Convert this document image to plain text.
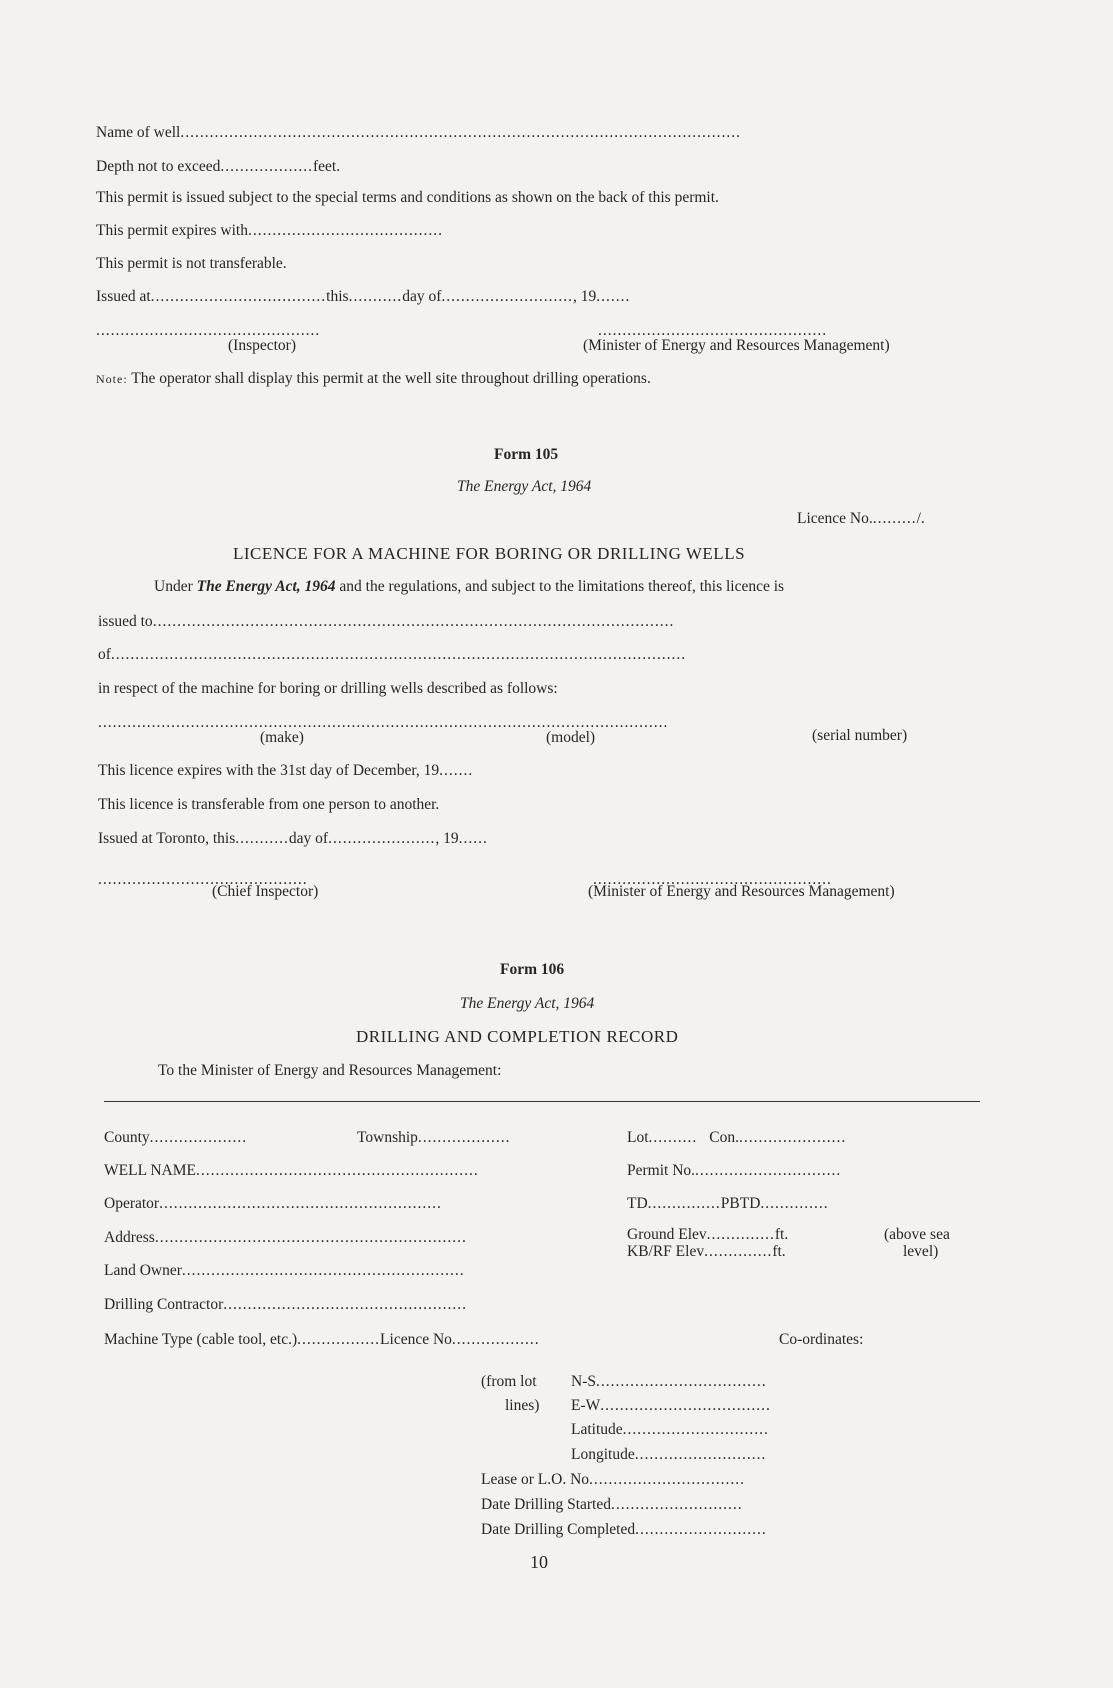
Name of well...................................................................................................................
Depth not to exceed...................feet.
This permit is issued subject to the special terms and conditions as shown on the back of this permit.
This permit expires with........................................
This permit is not transferable.
Issued at....................................this...........day of..........................., 19.......
..............................................	...............................................
(Inspector)	(Minister of Energy and Resources Management)
Note: The operator shall display this permit at the well site throughout drilling operations.
Form 105
The Energy Act, 1964
Licence No........../.
LICENCE FOR A MACHINE FOR BORING OR DRILLING WELLS
Under The Energy Act, 1964 and the regulations, and subject to the limitations thereof, this licence is
issued to...........................................................................................................
of......................................................................................................................
in respect of the machine for boring or drilling wells described as follows:
.....................................................................................................................
(make)	(model)	(serial number)
This licence expires with the 31st day of December, 19.......
This licence is transferable from one person to another.
Issued at Toronto, this...........day of......................, 19......
...........................................	.................................................
(Chief Inspector)	(Minister of Energy and Resources Management)
Form 106
The Energy Act, 1964
DRILLING AND COMPLETION RECORD
To the Minister of Energy and Resources Management:
County....................	Township...................	Lot.......... Con.......................
WELL NAME..........................................................	Permit No...............................
Operator..........................................................	TD...............PBTD..............
Address................................................................	Ground Elev..............ft.	(above sea
KB/RF Elev..............ft.	level)
Land Owner..........................................................
Drilling Contractor..................................................
Machine Type (cable tool, etc.).................Licence No..................	Co-ordinates:
(from lot
lines)
N-S...................................
E-W...................................
Latitude..............................
Longitude...........................
Lease or L.O. No................................
Date Drilling Started...........................
Date Drilling Completed...........................
10
